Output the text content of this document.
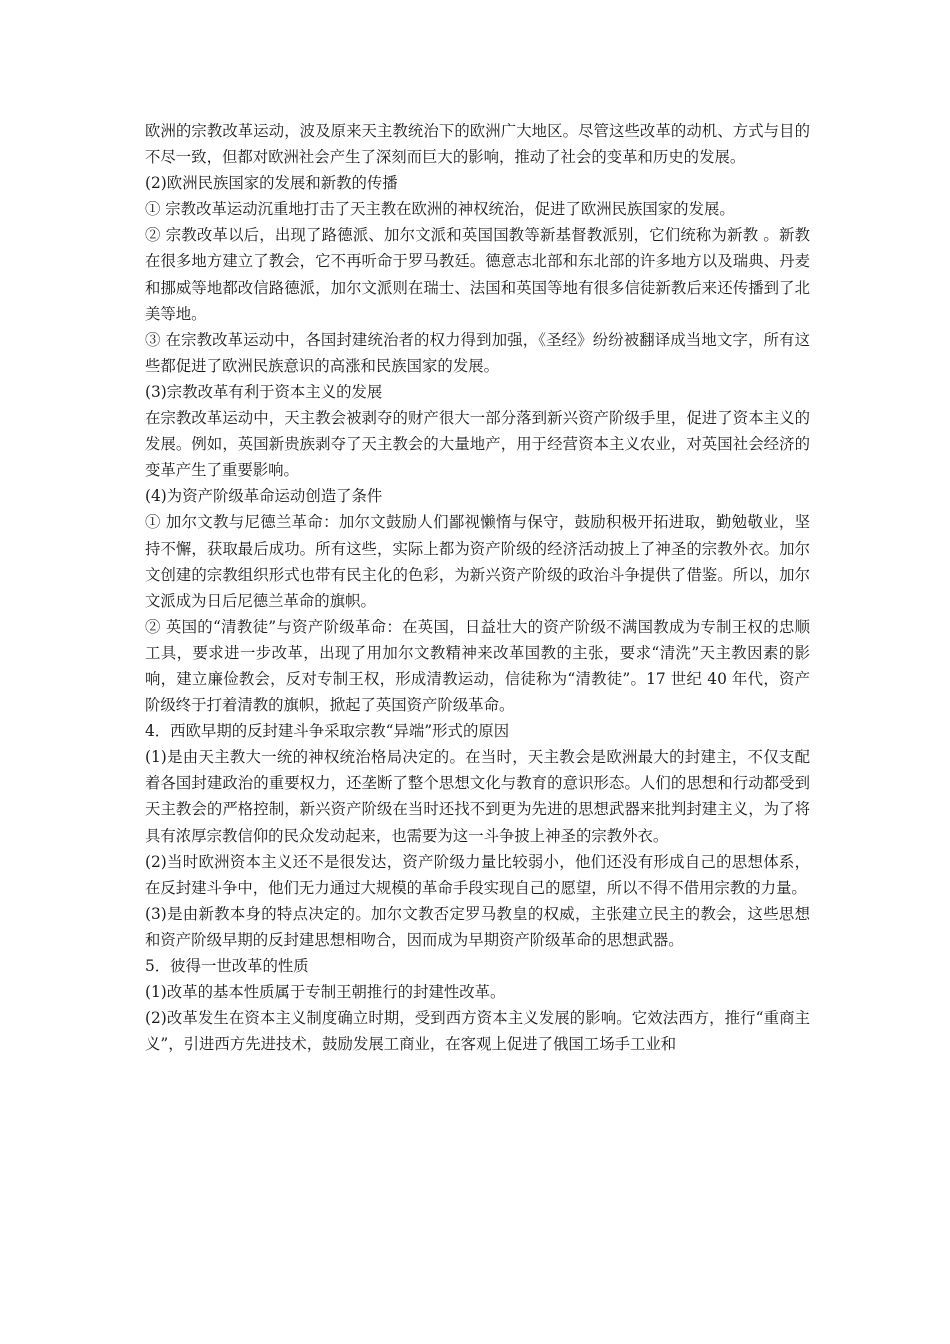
欧洲的宗教改革运动，波及原来天主教统治下的欧洲广大地区。尽管这些改革的动机、方式与目的不尽一致，但都对欧洲社会产生了深刻而巨大的影响，推动了社会的变革和历史的发展。

(2)欧洲民族国家的发展和新教的传播

① 宗教改革运动沉重地打击了天主教在欧洲的神权统治，促进了欧洲民族国家的发展。

② 宗教改革以后，出现了路德派、加尔文派和英国国教等新基督教派别，它们统称为新教 。新教在很多地方建立了教会，它不再听命于罗马教廷。德意志北部和东北部的许多地方以及瑞典、丹麦和挪威等地都改信路德派，加尔文派则在瑞士、法国和英国等地有很多信徒新教后来还传播到了北美等地。

③ 在宗教改革运动中，各国封建统治者的权力得到加强，《圣经》纷纷被翻译成当地文字，所有这些都促进了欧洲民族意识的高涨和民族国家的发展。

(3)宗教改革有利于资本主义的发展

在宗教改革运动中，天主教会被剥夺的财产很大一部分落到新兴资产阶级手里，促进了资本主义的发展。例如，英国新贵族剥夺了天主教会的大量地产，用于经营资本主义农业，对英国社会经济的变革产生了重要影响。

(4)为资产阶级革命运动创造了条件

① 加尔文教与尼德兰革命：加尔文鼓励人们鄙视懒惰与保守，鼓励积极开拓进取，勤勉敬业，坚持不懈，获取最后成功。所有这些，实际上都为资产阶级的经济活动披上了神圣的宗教外衣。加尔文创建的宗教组织形式也带有民主化的色彩，为新兴资产阶级的政治斗争提供了借鉴。所以，加尔文派成为日后尼德兰革命的旗帜。

② 英国的“清教徒”与资产阶级革命：在英国，日益壮大的资产阶级不满国教成为专制王权的忠顺工具，要求进一步改革，出现了用加尔文教精神来改革国教的主张，要求“清洗”天主教因素的影响，建立廉俭教会，反对专制王权，形成清教运动，信徒称为“清教徒”。17 世纪 40 年代，资产阶级终于打着清教的旗帜，掀起了英国资产阶级革命。

4．西欧早期的反封建斗争采取宗教“异端”形式的原因

(1)是由天主教大一统的神权统治格局决定的。在当时，天主教会是欧洲最大的封建主，不仅支配着各国封建政治的重要权力，还垄断了整个思想文化与教育的意识形态。人们的思想和行动都受到天主教会的严格控制，新兴资产阶级在当时还找不到更为先进的思想武器来批判封建主义，为了将具有浓厚宗教信仰的民众发动起来，也需要为这一斗争披上神圣的宗教外衣。

(2)当时欧洲资本主义还不是很发达，资产阶级力量比较弱小，他们还没有形成自己的思想体系，在反封建斗争中，他们无力通过大规模的革命手段实现自己的愿望，所以不得不借用宗教的力量。

(3)是由新教本身的特点决定的。加尔文教否定罗马教皇的权威，主张建立民主的教会，这些思想和资产阶级早期的反封建思想相吻合，因而成为早期资产阶级革命的思想武器。

5．彼得一世改革的性质

(1)改革的基本性质属于专制王朝推行的封建性改革。

(2)改革发生在资本主义制度确立时期，受到西方资本主义发展的影响。它效法西方，推行“重商主义”，引进西方先进技术，鼓励发展工商业，在客观上促进了俄国工场手工业和
